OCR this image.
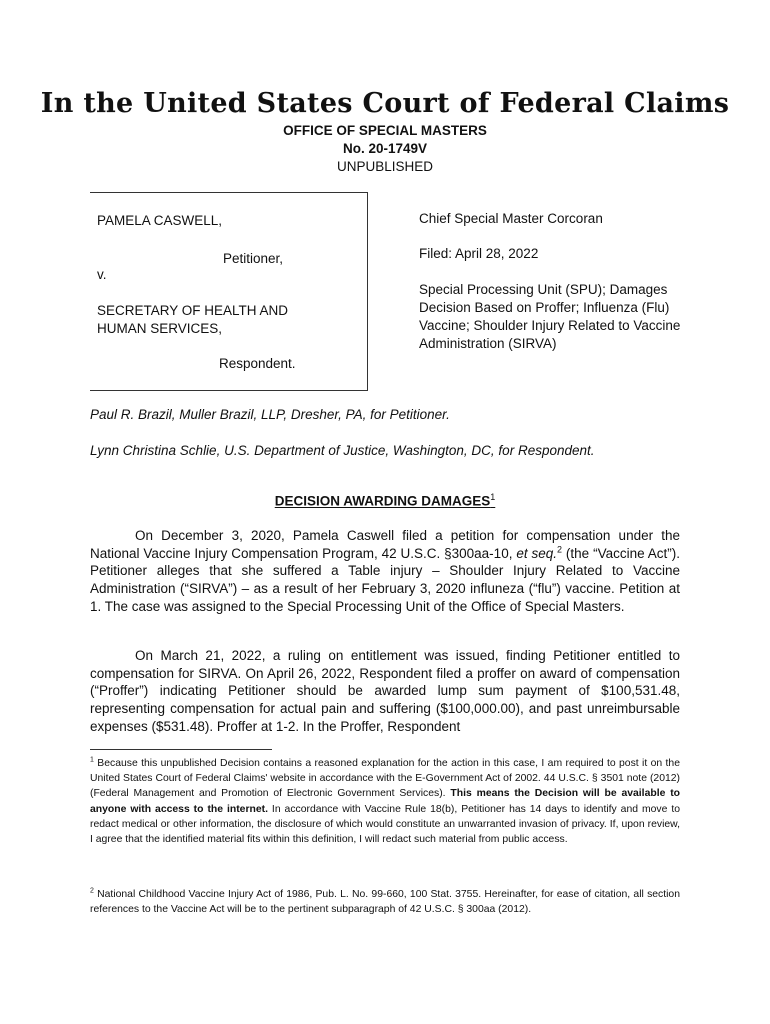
In the United States Court of Federal Claims
OFFICE OF SPECIAL MASTERS
No. 20-1749V
UNPUBLISHED
PAMELA CASWELL,
Petitioner,
v.
SECRETARY OF HEALTH AND
HUMAN SERVICES,
Respondent.
Chief Special Master Corcoran
Filed: April 28, 2022
Special Processing Unit (SPU); Damages Decision Based on Proffer; Influenza (Flu) Vaccine; Shoulder Injury Related to Vaccine Administration (SIRVA)
Paul R. Brazil, Muller Brazil, LLP, Dresher, PA, for Petitioner.
Lynn Christina Schlie, U.S. Department of Justice, Washington, DC, for Respondent.
DECISION AWARDING DAMAGES$^1$

On December 3, 2020, Pamela Caswell filed a petition for compensation under the National Vaccine Injury Compensation Program, 42 U.S.C. §300aa-10, et seq.$^2$ (the “Vaccine Act”). Petitioner alleges that she suffered a Table injury – Shoulder Injury Related to Vaccine Administration (“SIRVA”) – as a result of her February 3, 2020 influneza (“flu”) vaccine. Petition at 1. The case was assigned to the Special Processing Unit of the Office of Special Masters.

On March 21, 2022, a ruling on entitlement was issued, finding Petitioner entitled to compensation for SIRVA. On April 26, 2022, Respondent filed a proffer on award of compensation (“Proffer”) indicating Petitioner should be awarded lump sum payment of $100,531.48, representing compensation for actual pain and suffering ($100,000.00), and past unreimbursable expenses ($531.48). Proffer at 1-2. In the Proffer, Respondent

$^1$ Because this unpublished Decision contains a reasoned explanation for the action in this case, I am required to post it on the United States Court of Federal Claims' website in accordance with the E-Government Act of 2002. 44 U.S.C. § 3501 note (2012) (Federal Management and Promotion of Electronic Government Services). This means the Decision will be available to anyone with access to the internet. In accordance with Vaccine Rule 18(b), Petitioner has 14 days to identify and move to redact medical or other information, the disclosure of which would constitute an unwarranted invasion of privacy. If, upon review, I agree that the identified material fits within this definition, I will redact such material from public access.

$^2$ National Childhood Vaccine Injury Act of 1986, Pub. L. No. 99-660, 100 Stat. 3755. Hereinafter, for ease of citation, all section references to the Vaccine Act will be to the pertinent subparagraph of 42 U.S.C. § 300aa (2012).
